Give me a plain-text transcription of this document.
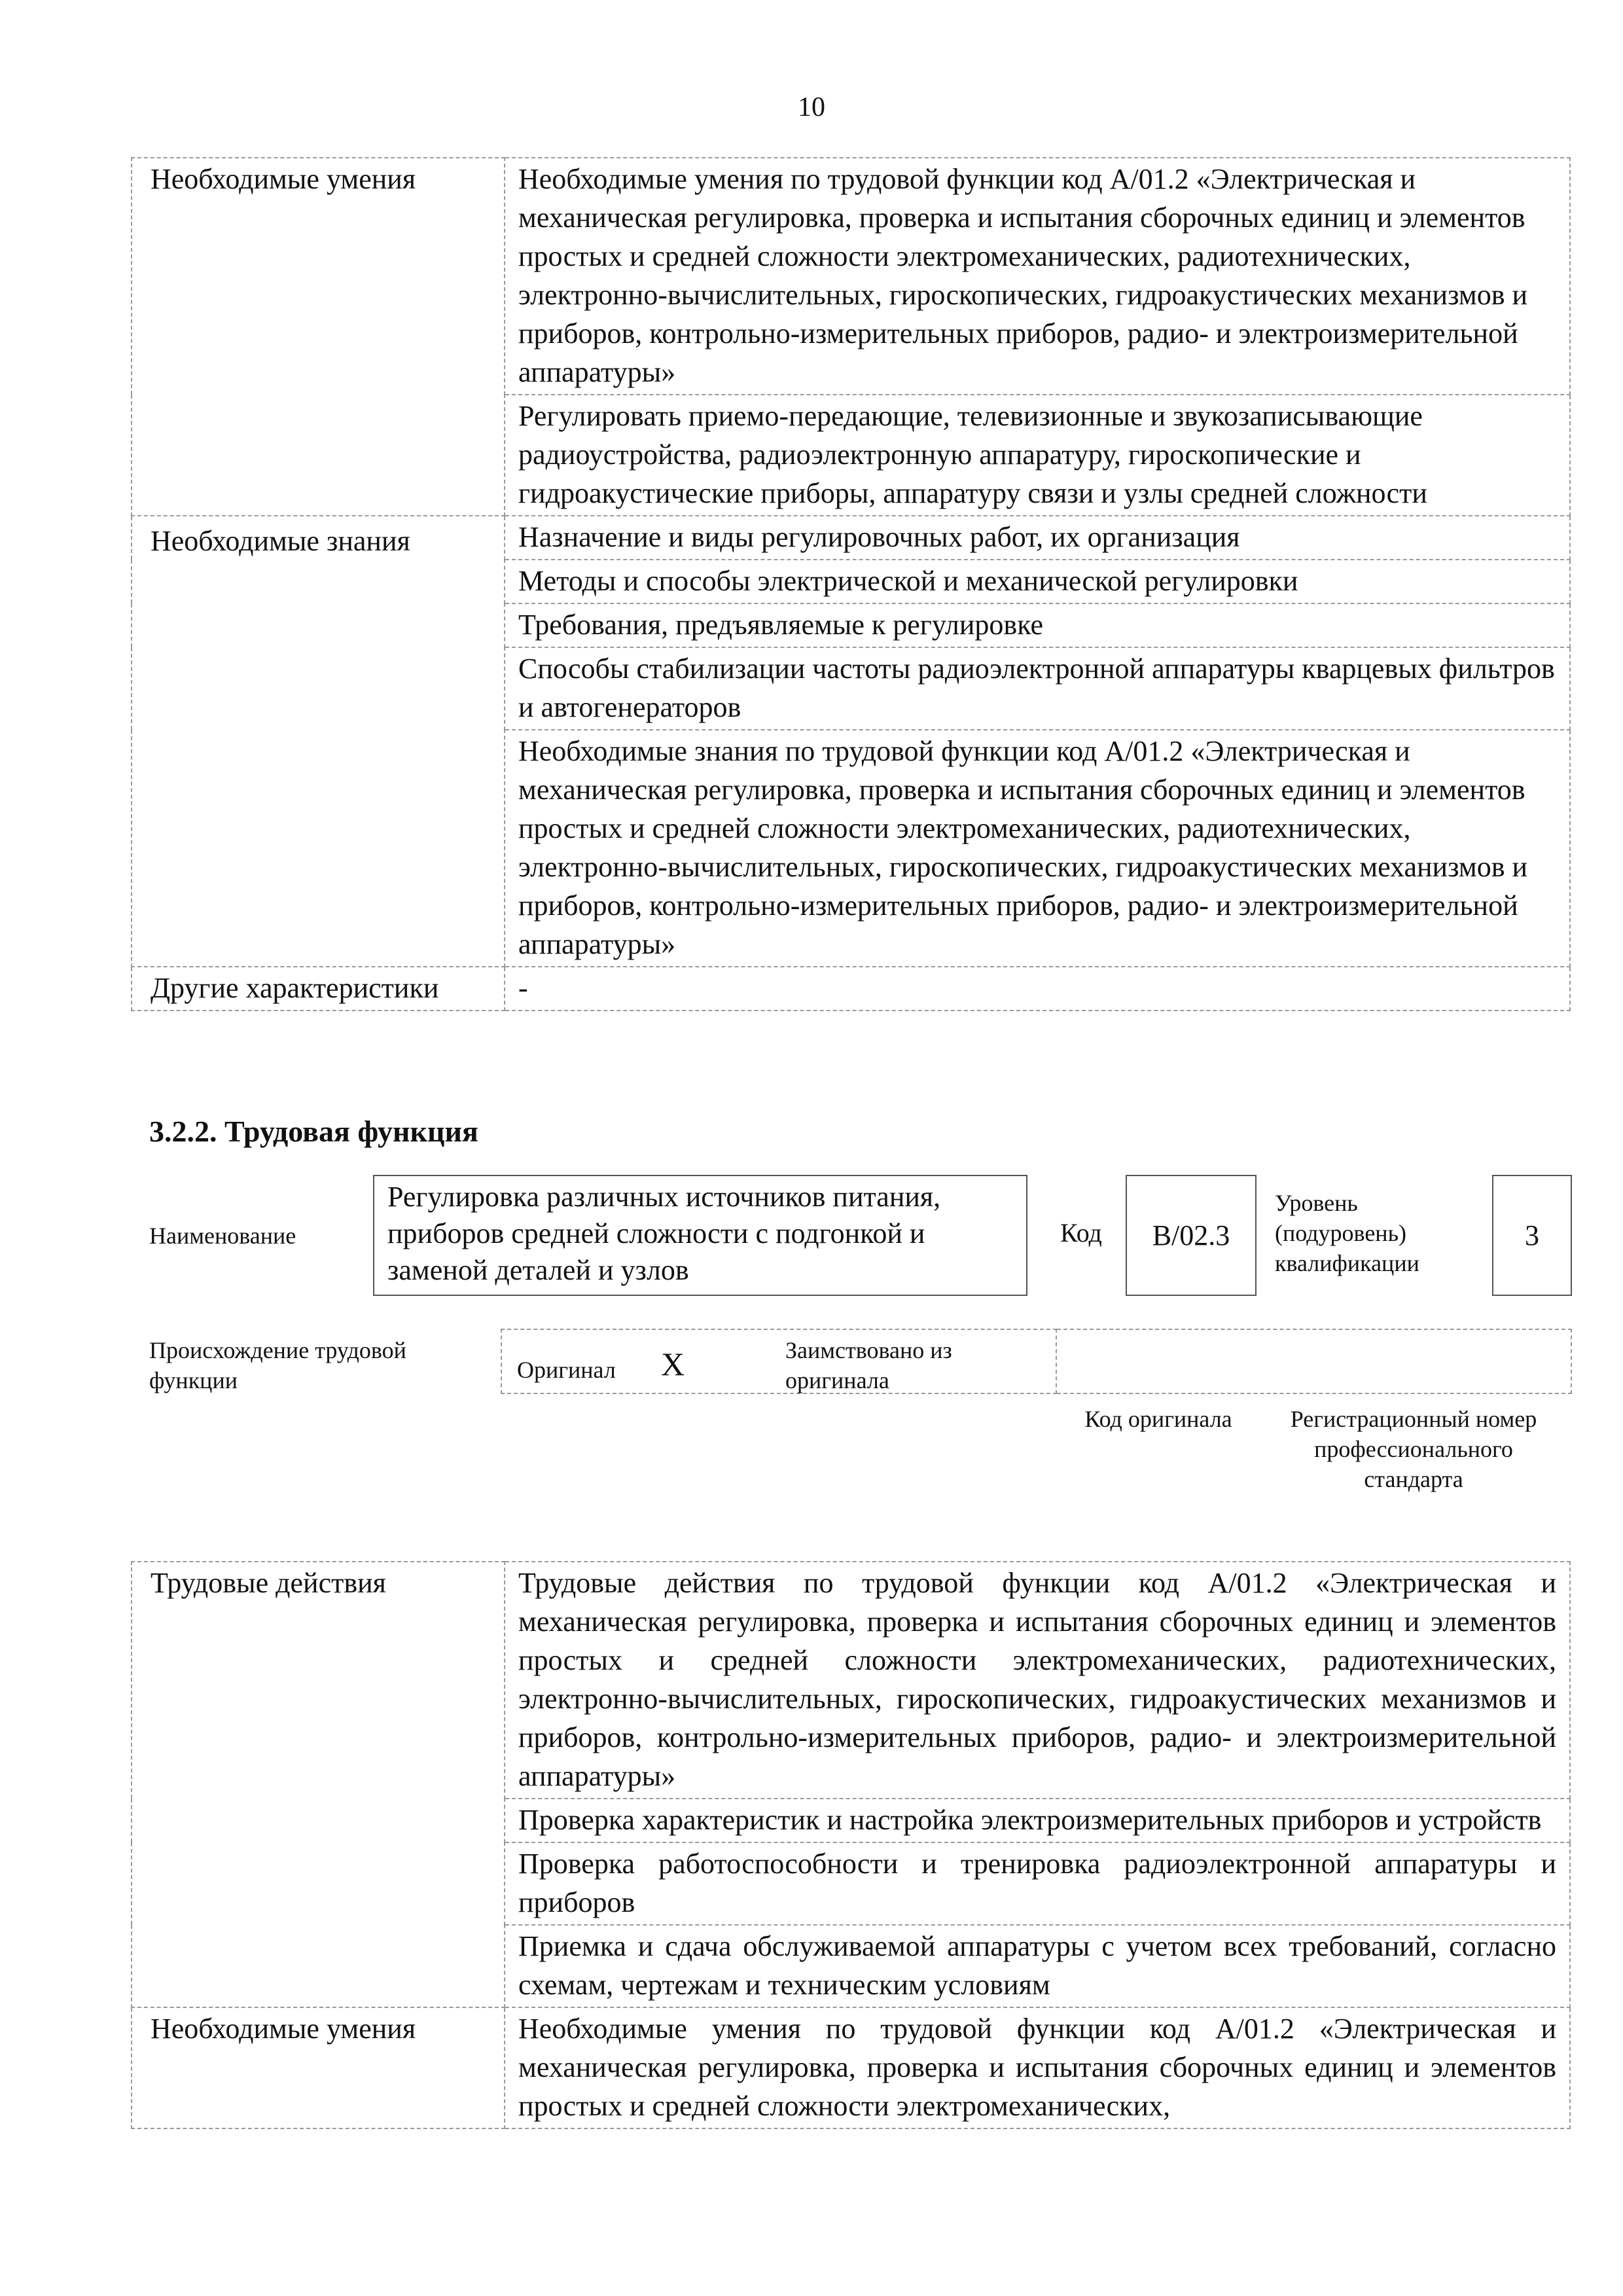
10
Необходимые умения	Необходимые умения по трудовой функции код А/01.2 «Электрическая и механическая регулировка, проверка и испытания сборочных единиц и элементов простых и средней сложности электромеханических, радиотехнических, электронно-вычислительных, гироскопических, гидроакустических механизмов и приборов, контрольно-измерительных приборов, радио- и электроизмерительной аппаратуры»
	Регулировать приемо-передающие, телевизионные и звукозаписывающие радиоустройства, радиоэлектронную аппаратуру, гироскопические и гидроакустические приборы, аппаратуру связи и узлы средней сложности

Необходимые знания	Назначение и виды регулировочных работ, их организация
	Методы и способы электрической и механической регулировки
	Требования, предъявляемые к регулировке
	Способы стабилизации частоты радиоэлектронной аппаратуры кварцевых фильтров и автогенераторов
	Необходимые знания по трудовой функции код А/01.2 «Электрическая и механическая регулировка, проверка и испытания сборочных единиц и элементов простых и средней сложности электромеханических, радиотехнических, электронно-вычислительных, гироскопических, гидроакустических механизмов и приборов, контрольно-измерительных приборов, радио- и электроизмерительной аппаратуры»
Другие характеристики	-
3.2.2. Трудовая функция
Наименование
Регулировка различных источников питания, приборов средней сложности с подгонкой и заменой деталей и узлов
Код	B/02.3
Уровень (подуровень) квалификации
3
Происхождение трудовой функции	Оригинал X	Заимствовано из оригинала
Код оригинала	Регистрационный номер профессионального стандарта
Трудовые действия	Трудовые действия по трудовой функции код А/01.2 «Электрическая и механическая регулировка, проверка и испытания сборочных единиц и элементов простых и средней сложности электромеханических, радиотехнических, электронно-вычислительных, гироскопических, гидроакустических механизмов и приборов, контрольно-измерительных приборов, радио- и электроизмерительной аппаратуры»
	Проверка характеристик и настройка электроизмерительных приборов и устройств
	Проверка работоспособности и тренировка радиоэлектронной аппаратуры и приборов
	Приемка и сдача обслуживаемой аппаратуры с учетом всех требований, согласно схемам, чертежам и техническим условиям
Необходимые умения	Необходимые умения по трудовой функции код А/01.2 «Электрическая и механическая регулировка, проверка и испытания сборочных единиц и элементов простых и средней сложности электромеханических,
